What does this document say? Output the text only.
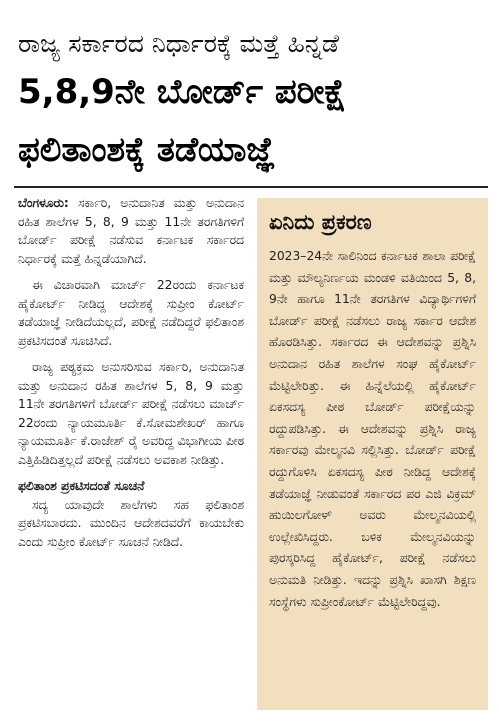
ರಾಜ್ಯ ಸರ್ಕಾರದ ನಿರ್ಧಾರಕ್ಕೆ ಮತ್ತೆ ಹಿನ್ನಡೆ
5,8,9ನೇ ಬೋರ್ಡ್ ಪರೀಕ್ಷೆ
ಫಲಿತಾಂಶಕ್ಕೆ ತಡೆಯಾಜ್ಞೆ

ಬೆಂಗಳೂರು: ಸರ್ಕಾರಿ, ಅನುದಾನಿತ ಮತ್ತು ಅನುದಾನ ರಹಿತ ಶಾಲೆಗಳ 5, 8, 9 ಮತ್ತು 11ನೇ ತರಗತಿಗಳಿಗೆ ಬೋರ್ಡ್ ಪರೀಕ್ಷೆ ನಡೆಸುವ ಕರ್ನಾಟಕ ಸರ್ಕಾರದ ನಿರ್ಧಾರಕ್ಕೆ ಮತ್ತೆ ಹಿನ್ನಡೆಯಾಗಿದೆ.

ಈ ವಿಚಾರವಾಗಿ ಮಾರ್ಚ್ 22ರಂದು ಕರ್ನಾಟಕ ಹೈಕೋರ್ಟ್ ನೀಡಿದ್ದ ಆದೇಶಕ್ಕೆ ಸುಪ್ರೀಂ ಕೋರ್ಟ್ ತಡೆಯಾಜ್ಞೆ ನೀಡಿದೆಯಲ್ಲದೆ, ಪರೀಕ್ಷೆ ನಡೆದಿದ್ದರೆ ಫಲಿತಾಂಶ ಪ್ರಕಟಿಸದಂತೆ ಸೂಚಿಸಿದೆ.

ರಾಜ್ಯ ಪಠ್ಯಕ್ರಮ ಅನುಸರಿಸುವ ಸರ್ಕಾರಿ, ಅನುದಾನಿತ ಮತ್ತು ಅನುದಾನ ರಹಿತ ಶಾಲೆಗಳ 5, 8, 9 ಮತ್ತು 11ನೇ ತರಗತಿಗಳಿಗೆ ಬೋರ್ಡ್ ಪರೀಕ್ಷೆ ನಡೆಸಲು ಮಾರ್ಚ್ 22ರಂದು ನ್ಯಾಯಮೂರ್ತಿ ಕೆ.ಸೋಮಶೇಖರ್ ಹಾಗೂ ನ್ಯಾಯಮೂರ್ತಿ ಕೆ.ರಾಜೇಶ್ ರೈ ಅವರಿದ್ದ ವಿಭಾಗೀಯ ಪೀಠ ಎತ್ತಿಹಿಡಿದಿತ್ತಲ್ಲದೆ ಪರೀಕ್ಷೆ ನಡೆಸಲು ಅವಕಾಶ ನೀಡಿತ್ತು.

ಫಲಿತಾಂಶ ಪ್ರಕಟಿಸದಂತೆ ಸೂಚನೆ

ಸದ್ಯ ಯಾವುದೇ ಶಾಲೆಗಳು ಸಹ ಫಲಿತಾಂಶ ಪ್ರಕಟಿಸಬಾರದು. ಮುಂದಿನ ಆದೇಶದವರೆಗೆ ಕಾಯಬೇಕು ಎಂದು ಸುಪ್ರೀಂ ಕೋರ್ಟ್ ಸೂಚನೆ ನೀಡಿದೆ.

ಏನಿದು ಪ್ರಕರಣ

2023–24ನೇ ಸಾಲಿನಿಂದ ಕರ್ನಾಟಕ ಶಾಲಾ ಪರೀಕ್ಷೆ ಮತ್ತು ಮೌಲ್ಯನಿರ್ಣಯ ಮಂಡಳಿ ವತಿಯಿಂದ 5, 8, 9ನೇ ಹಾಗೂ 11ನೇ ತರಗತಿಗಳ ವಿದ್ಯಾರ್ಥಿಗಳಿಗೆ ಬೋರ್ಡ್ ಪರೀಕ್ಷೆ ನಡೆಸಲು ರಾಜ್ಯ ಸರ್ಕಾರ ಆದೇಶ ಹೊರಡಿಸಿತ್ತು. ಸರ್ಕಾರದ ಈ ಆದೇಶವನ್ನು ಪ್ರಶ್ನಿಸಿ ಅನುದಾನ ರಹಿತ ಶಾಲೆಗಳ ಸಂಘ ಹೈಕೋರ್ಟ್ ಮೆಟ್ಟಿಲೇರಿತ್ತು. ಈ ಹಿನ್ನೆಲೆಯಲ್ಲಿ ಹೈಕೋರ್ಟ್ ಏಕಸದಸ್ಯ ಪೀಠ ಬೋರ್ಡ್ ಪರೀಕ್ಷೆಯನ್ನು ರದ್ದುಪಡಿಸಿತ್ತು. ಈ ಆದೇಶವನ್ನು ಪ್ರಶ್ನಿಸಿ ರಾಜ್ಯ ಸರ್ಕಾರವು ಮೇಲ್ಮನವಿ ಸಲ್ಲಿಸಿತ್ತು. ಬೋರ್ಡ್ ಪರೀಕ್ಷೆ ರದ್ದುಗೊಳಿಸಿ ಏಕಸದಸ್ಯ ಪೀಠ ನೀಡಿದ್ದ ಆದೇಶಕ್ಕೆ ತಡೆಯಾಜ್ಞೆ ನೀಡುವಂತೆ ಸರ್ಕಾರದ ಪರ ಎಜಿ ವಿಕ್ರಮ್ ಹುಯಿಲಗೋಳ್ ಅವರು ಮೇಲ್ಮನವಿಯಲ್ಲಿ ಉಲ್ಲೇಖಿಸಿದ್ದರು. ಬಳಿಕ ಮೇಲ್ಮನವಿಯನ್ನು ಪುರಸ್ಕರಿಸಿದ್ದ ಹೈಕೋರ್ಟ್, ಪರೀಕ್ಷೆ ನಡೆಸಲು ಅನುಮತಿ ನೀಡಿತ್ತು. ಇದನ್ನು ಪ್ರಶ್ನಿಸಿ ಖಾಸಗಿ ಶಿಕ್ಷಣ ಸಂಸ್ಥೆಗಳು ಸುಪ್ರೀಂಕೋರ್ಟ್ ಮೆಟ್ಟಿಲೇರಿದ್ದವು.
